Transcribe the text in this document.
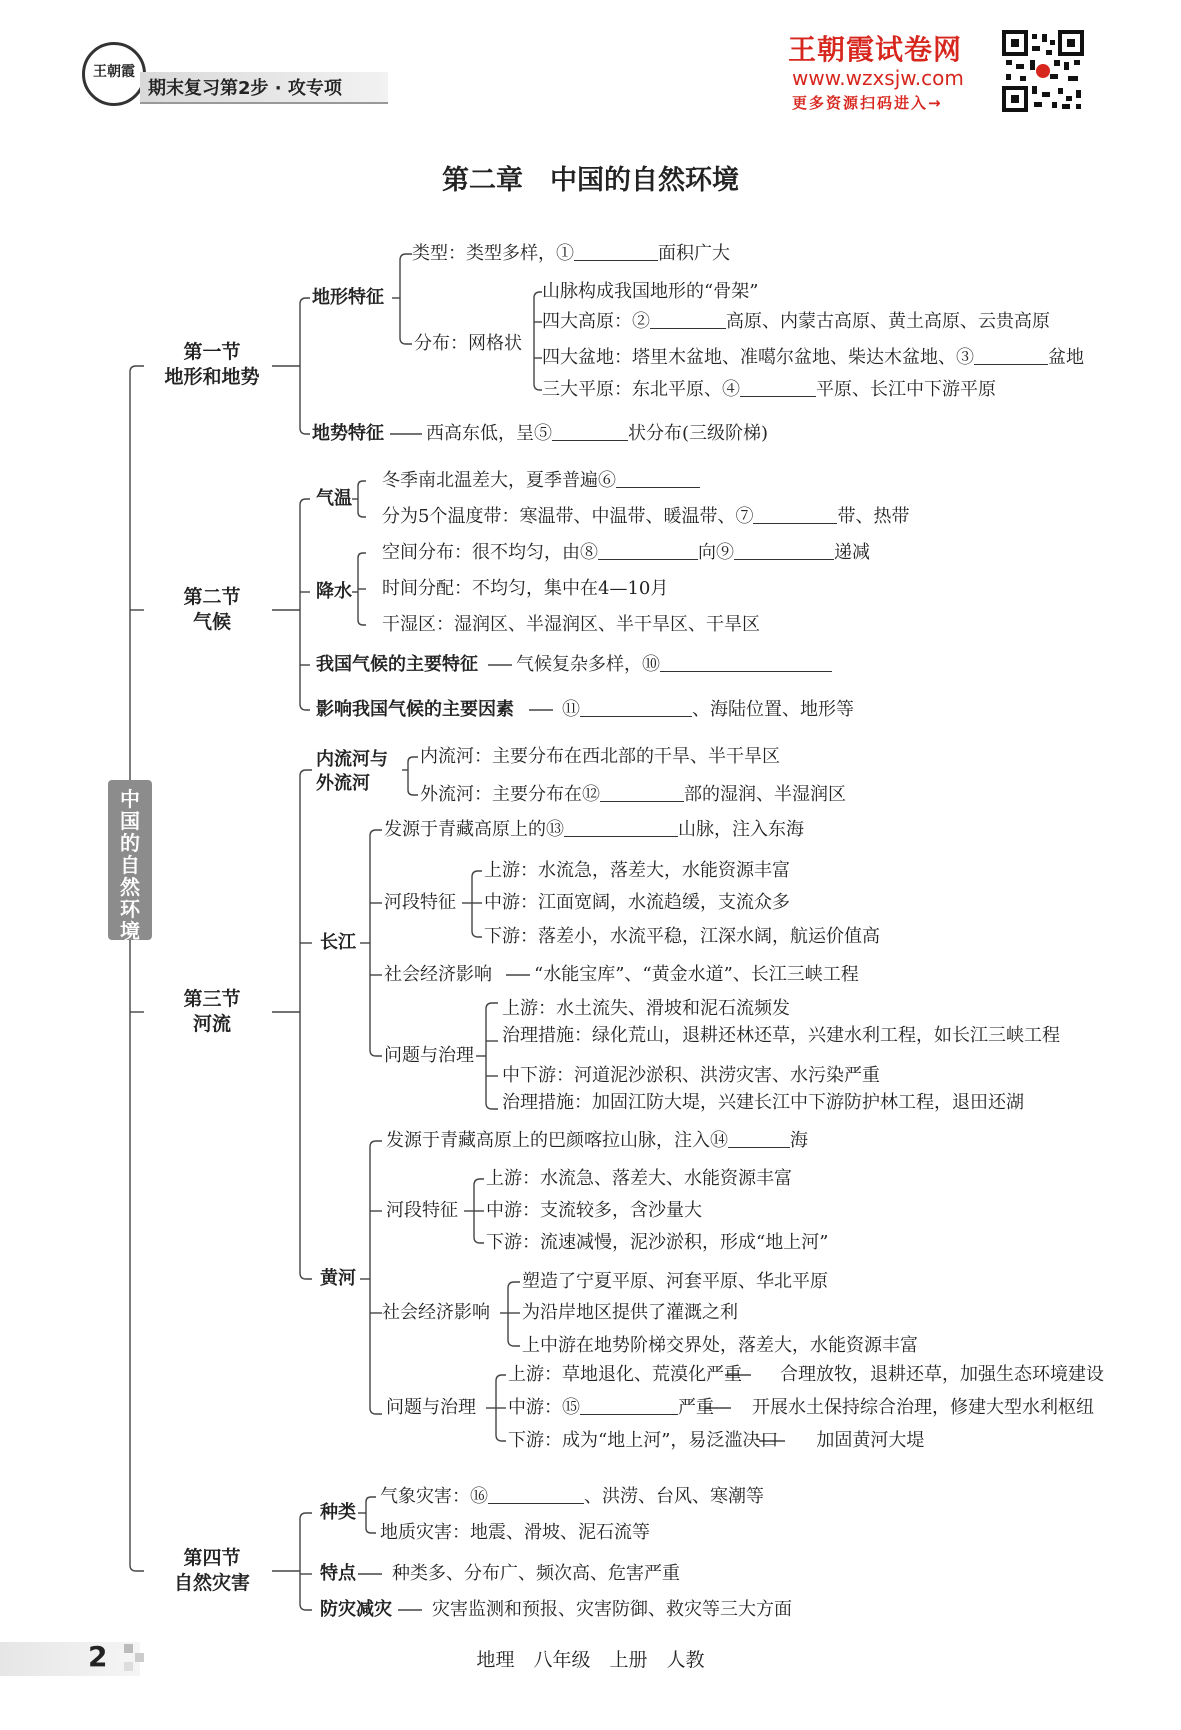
王朝霞
期末复习第2步 · 攻专项
王朝霞试卷网
www.wzxsjw.com
更多资源扫码进入→
第二章　中国的自然环境
中国的自然环境
第一节
地形和地势
第二节
气候
第三节
河流
第四节
自然灾害
地形特征
类型：类型多样，①	面积广大
分布：网格状
山脉构成我国地形的“骨架”
四大高原：②	高原、内蒙古高原、黄土高原、云贵高原
四大盆地：塔里木盆地、准噶尔盆地、柴达木盆地、③	盆地
三大平原：东北平原、④	平原、长江中下游平原
地势特征 西高东低，呈⑤	状分布(三级阶梯)
气温
冬季南北温差大，夏季普遍⑥
分为5个温度带：寒温带、中温带、暖温带、⑦	带、热带
降水
空间分布：很不均匀，由⑧	向⑨	递减
时间分配：不均匀，集中在4—10月
干湿区：湿润区、半湿润区、半干旱区、干旱区
我国气候的主要特征 气候复杂多样，⑩
影响我国气候的主要因素	⑪	、海陆位置、地形等
内流河与
外流河
内流河：主要分布在西北部的干旱、半干旱区
外流河：主要分布在⑫	部的湿润、半湿润区
长江
发源于青藏高原上的⑬	山脉，注入东海
河段特征
上游：水流急，落差大，水能资源丰富
中游：江面宽阔，水流趋缓，支流众多
下游：落差小，水流平稳，江深水阔，航运价值高
社会经济影响 “水能宝库”、“黄金水道”、长江三峡工程
问题与治理
上游：水土流失、滑坡和泥石流频发
治理措施：绿化荒山，退耕还林还草，兴建水利工程，如长江三峡工程
中下游：河道泥沙淤积、洪涝灾害、水污染严重
治理措施：加固江防大堤，兴建长江中下游防护林工程，退田还湖
黄河
发源于青藏高原上的巴颜喀拉山脉，注入⑭	海
河段特征
上游：水流急、落差大、水能资源丰富
中游：支流较多，含沙量大
下游：流速减慢，泥沙淤积，形成“地上河”
社会经济影响
塑造了宁夏平原、河套平原、华北平原
为沿岸地区提供了灌溉之利
上中游在地势阶梯交界处，落差大，水能资源丰富
问题与治理
上游：草地退化、荒漠化严重 合理放牧，退耕还草，加强生态环境建设
中游：⑮	严重 开展水土保持综合治理，修建大型水利枢纽
下游：成为“地上河”，易泛滥决口 加固黄河大堤
种类
气象灾害：⑯	、洪涝、台风、寒潮等
地质灾害：地震、滑坡、泥石流等
特点 种类多、分布广、频次高、危害严重
防灾减灾 灾害监测和预报、灾害防御、救灾等三大方面
2	地理　八年级　上册　人教
